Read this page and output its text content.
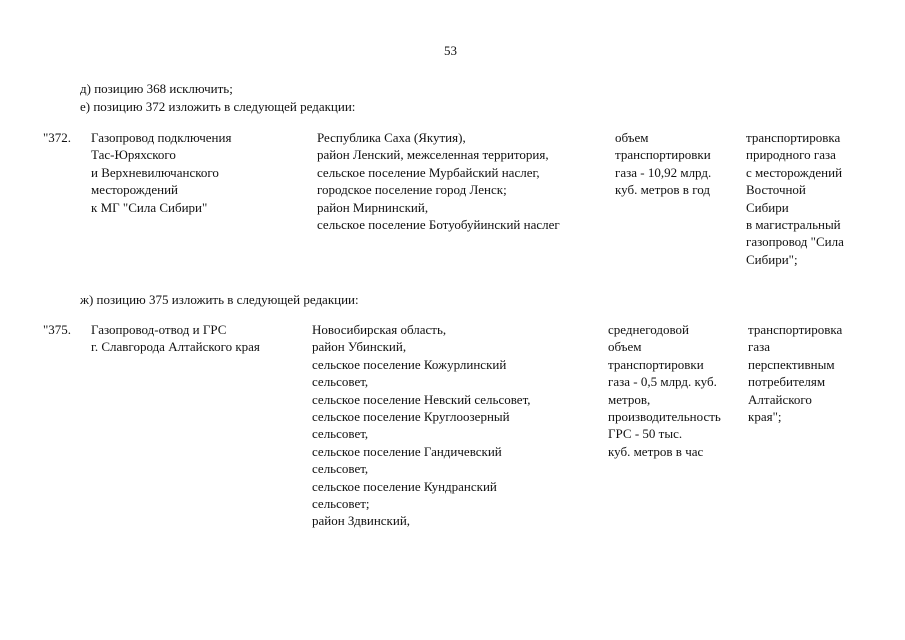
53
д) позицию 368 исключить;
е) позицию 372 изложить в следующей редакции:
"372. Газопровод подключения
Тас-Юряхского
и Верхневилючанского
месторождений
к МГ "Сила Сибири"
Республика Саха (Якутия),
район Ленский, межселенная территория,
сельское поселение Мурбайский наслег,
городское поселение город Ленск;
район Мирнинский,
сельское поселение Ботуобуйинский наслег
объем
транспортировки
газа - 10,92 млрд.
куб. метров в год
транспортировка
природного газа
с месторождений
Восточной
Сибири
в магистральный
газопровод "Сила
Сибири";
ж) позицию 375 изложить в следующей редакции:
"375. Газопровод-отвод и ГРС
г. Славгорода Алтайского края
Новосибирская область,
район Убинский,
сельское поселение Кожурлинский
сельсовет,
сельское поселение Невский сельсовет,
сельское поселение Круглоозерный
сельсовет,
сельское поселение Гандичевский
сельсовет,
сельское поселение Кундранский
сельсовет;
район Здвинский,
среднегодовой
объем
транспортировки
газа - 0,5 млрд. куб.
метров,
производительность
ГРС - 50 тыс.
куб. метров в час
транспортировка
газа
перспективным
потребителям
Алтайского
края";
